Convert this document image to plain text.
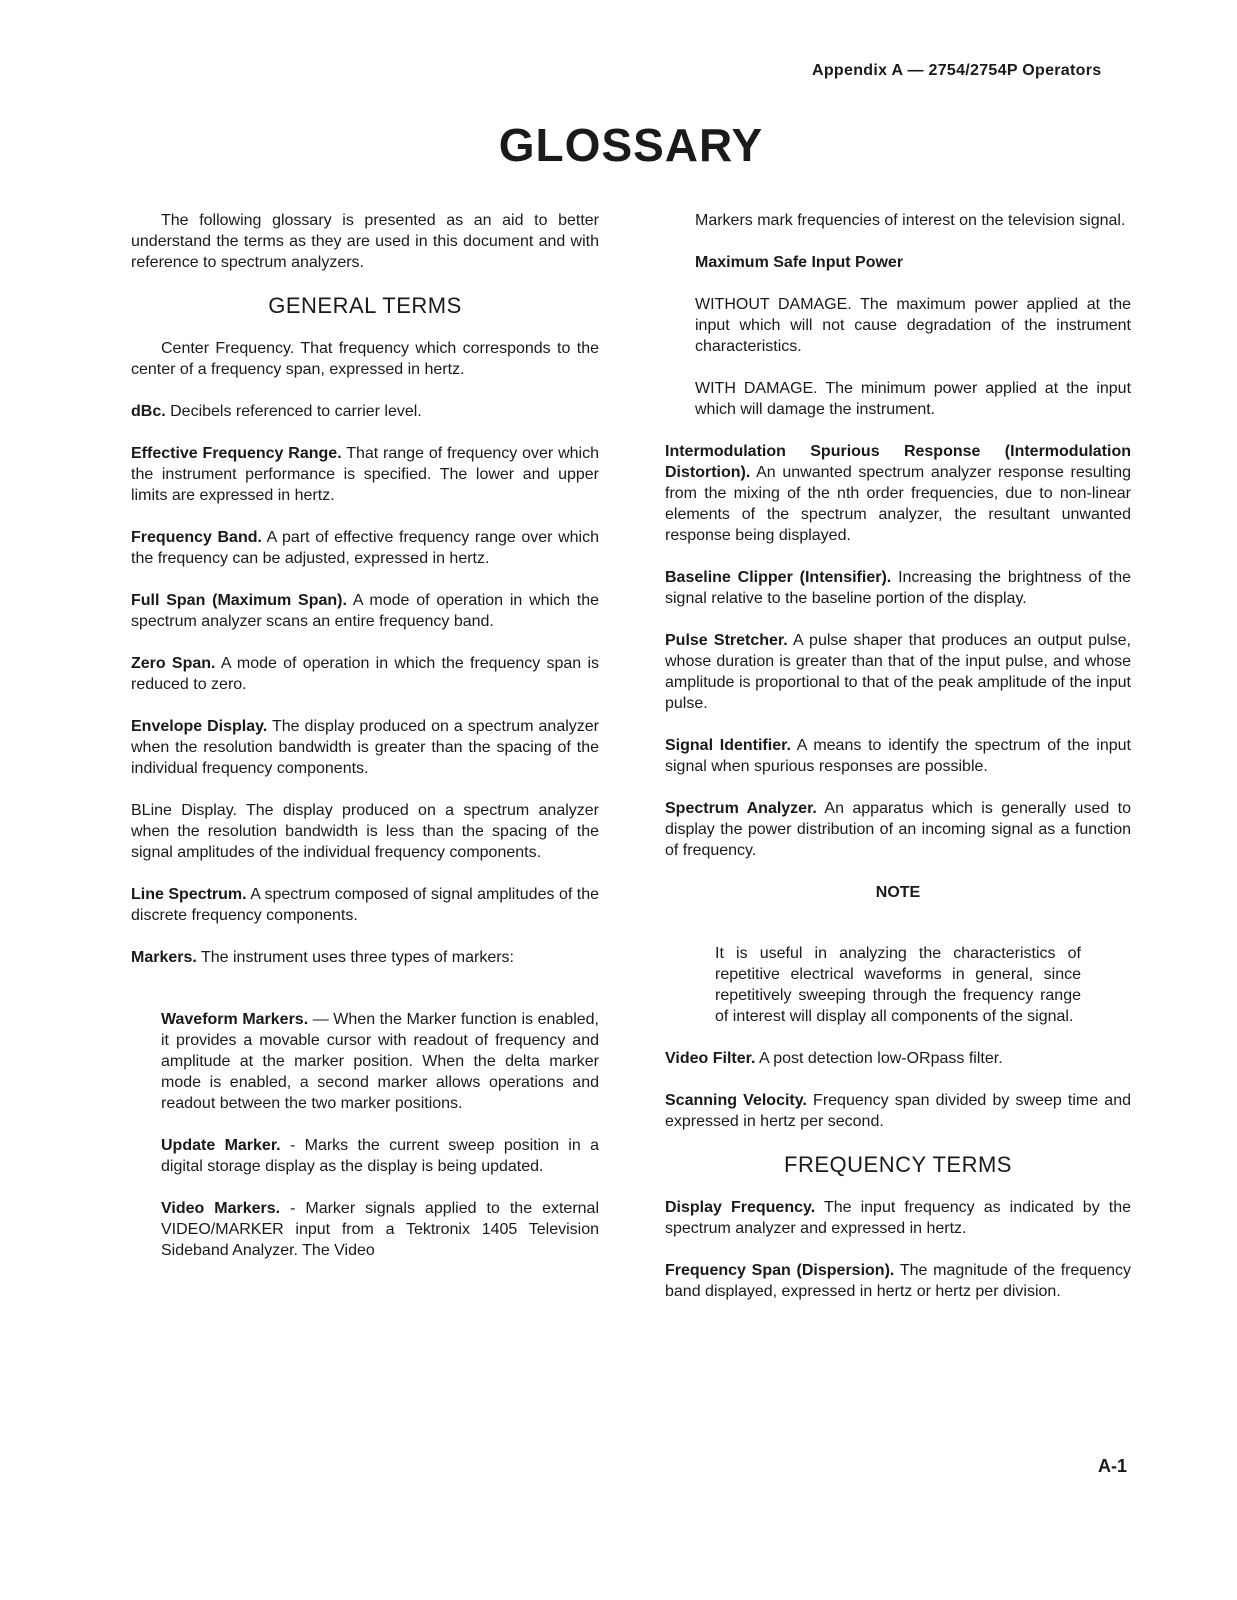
Appendix A — 2754/2754P Operators
GLOSSARY

The following glossary is presented as an aid to better understand the terms as they are used in this document and with reference to spectrum analyzers.

GENERAL TERMS

Center Frequency. That frequency which corresponds to the center of a frequency span, expressed in hertz.

dBc. Decibels referenced to carrier level.

Effective Frequency Range. That range of frequency over which the instrument performance is specified. The lower and upper limits are expressed in hertz.

Frequency Band. A part of effective frequency range over which the frequency can be adjusted, expressed in hertz.

Full Span (Maximum Span). A mode of operation in which the spectrum analyzer scans an entire frequency band.

Zero Span. A mode of operation in which the frequency span is reduced to zero.

Envelope Display. The display produced on a spectrum analyzer when the resolution bandwidth is greater than the spacing of the individual frequency components.

BLine Display. The display produced on a spectrum analyzer when the resolution bandwidth is less than the spacing of the signal amplitudes of the individual frequency components.

Line Spectrum. A spectrum composed of signal amplitudes of the discrete frequency components.

Markers. The instrument uses three types of markers:

Waveform Markers. — When the Marker function is enabled, it provides a movable cursor with readout of frequency and amplitude at the marker position. When the delta marker mode is enabled, a second marker allows operations and readout between the two marker positions.

Update Marker. - Marks the current sweep position in a digital storage display as the display is being updated.

Video Markers. - Marker signals applied to the external VIDEO/MARKER input from a Tektronix 1405 Television Sideband Analyzer. The Video

Markers mark frequencies of interest on the television signal.

Maximum Safe Input Power

WITHOUT DAMAGE. The maximum power applied at the input which will not cause degradation of the instrument characteristics.

WITH DAMAGE. The minimum power applied at the input which will damage the instrument.

Intermodulation Spurious Response (Intermodulation Distortion). An unwanted spectrum analyzer response resulting from the mixing of the nth order frequencies, due to non-linear elements of the spectrum analyzer, the resultant unwanted response being displayed.

Baseline Clipper (Intensifier). Increasing the brightness of the signal relative to the baseline portion of the display.

Pulse Stretcher. A pulse shaper that produces an output pulse, whose duration is greater than that of the input pulse, and whose amplitude is proportional to that of the peak amplitude of the input pulse.

Signal Identifier. A means to identify the spectrum of the input signal when spurious responses are possible.

Spectrum Analyzer. An apparatus which is generally used to display the power distribution of an incoming signal as a function of frequency.

NOTE

It is useful in analyzing the characteristics of repetitive electrical waveforms in general, since repetitively sweeping through the frequency range of interest will display all components of the signal.

Video Filter. A post detection low-ORpass filter.

Scanning Velocity. Frequency span divided by sweep time and expressed in hertz per second.

FREQUENCY TERMS

Display Frequency. The input frequency as indicated by the spectrum analyzer and expressed in hertz.

Frequency Span (Dispersion). The magnitude of the frequency band displayed, expressed in hertz or hertz per division.

A-1
